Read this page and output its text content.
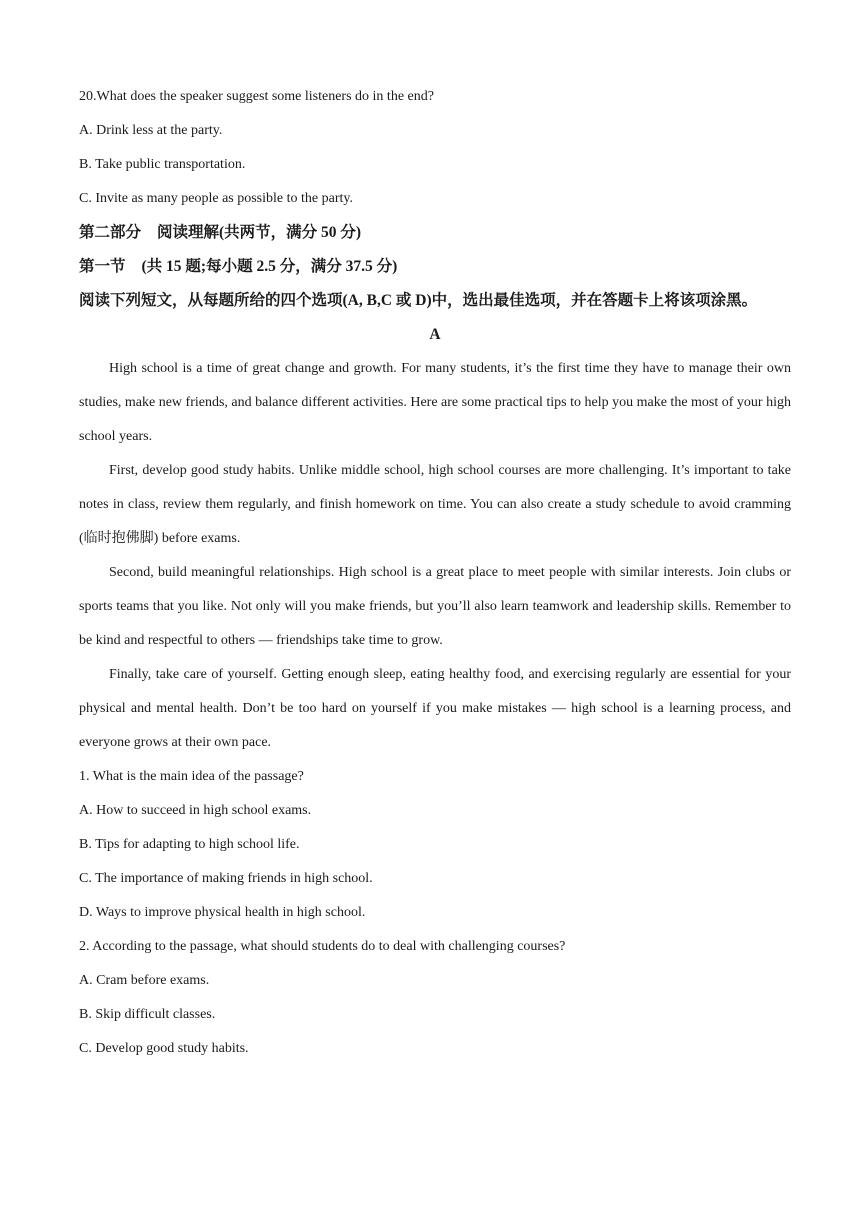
20.What does the speaker suggest some listeners do in the end?
A. Drink less at the party.
B. Take public transportation.
C. Invite as many people as possible to the party.
第二部分 阅读理解(共两节，满分 50 分)
第一节 (共 15 题;每小题 2.5 分，满分 37.5 分)

阅读下列短文，从每题所给的四个选项(A, B,C 或 D)中，选出最佳选项，并在答题卡上将该项涂黑。

A

High school is a time of great change and growth. For many students, it’s the first time they have to manage their own studies, make new friends, and balance different activities. Here are some practical tips to help you make the most of your high school years.

First, develop good study habits. Unlike middle school, high school courses are more challenging. It’s important to take notes in class, review them regularly, and finish homework on time. You can also create a study schedule to avoid cramming (临时抱佛脚) before exams.

Second, build meaningful relationships. High school is a great place to meet people with similar interests. Join clubs or sports teams that you like. Not only will you make friends, but you’ll also learn teamwork and leadership skills. Remember to be kind and respectful to others — friendships take time to grow.

Finally, take care of yourself. Getting enough sleep, eating healthy food, and exercising regularly are essential for your physical and mental health. Don’t be too hard on yourself if you make mistakes — high school is a learning process, and everyone grows at their own pace.

1. What is the main idea of the passage?
A. How to succeed in high school exams.
B. Tips for adapting to high school life.
C. The importance of making friends in high school.
D. Ways to improve physical health in high school.
2. According to the passage, what should students do to deal with challenging courses?
A. Cram before exams.
B. Skip difficult classes.
C. Develop good study habits.
